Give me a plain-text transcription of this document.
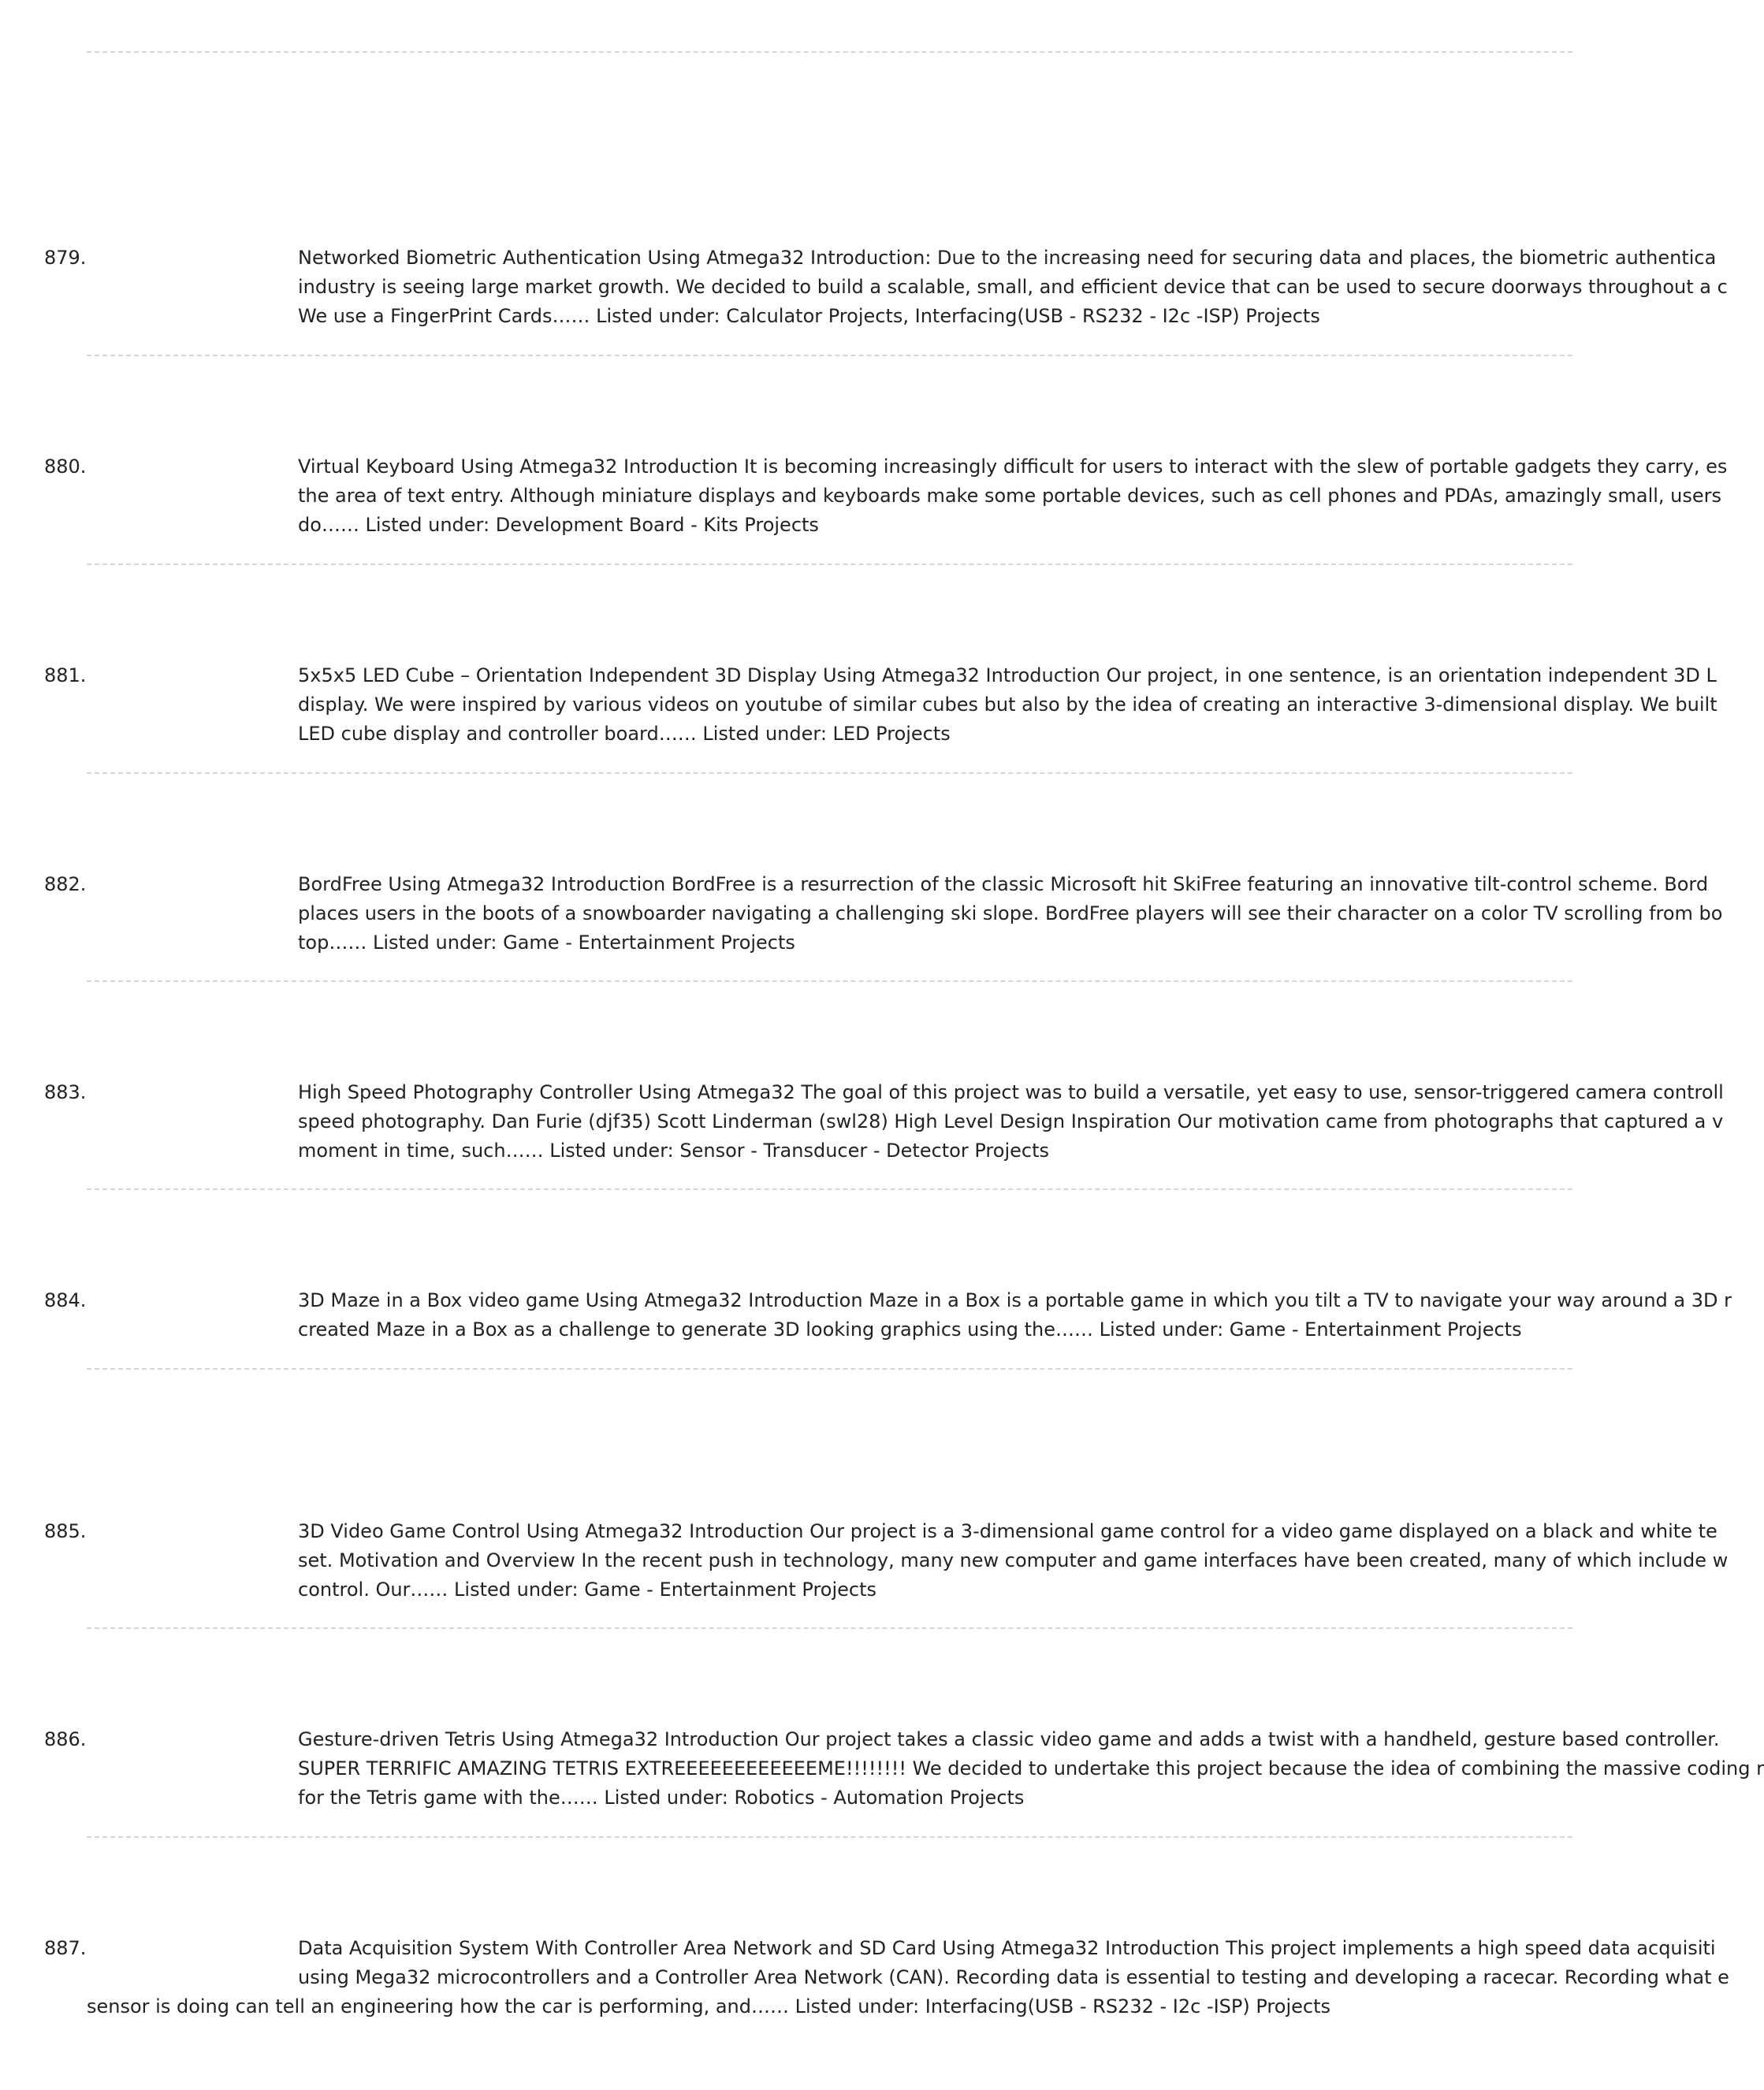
879.	Networked Biometric Authentication Using Atmega32 Introduction: Due to the increasing need for securing data and places, the biometric authentica
industry is seeing large market growth. We decided to build a scalable, small, and efficient device that can be used to secure doorways throughout a c
We use a FingerPrint Cards…… Listed under: Calculator Projects, Interfacing(USB - RS232 - I2c -ISP) Projects
880.	Virtual Keyboard Using Atmega32 Introduction It is becoming increasingly difficult for users to interact with the slew of portable gadgets they carry, es
the area of text entry. Although miniature displays and keyboards make some portable devices, such as cell phones and PDAs, amazingly small, users
do…… Listed under: Development Board - Kits Projects
881.	5x5x5 LED Cube – Orientation Independent 3D Display Using Atmega32 Introduction Our project, in one sentence, is an orientation independent 3D L
display. We were inspired by various videos on youtube of similar cubes but also by the idea of creating an interactive 3-dimensional display. We built
LED cube display and controller board…… Listed under: LED Projects
882.	BordFree Using Atmega32 Introduction BordFree is a resurrection of the classic Microsoft hit SkiFree featuring an innovative tilt-control scheme. Bord
places users in the boots of a snowboarder navigating a challenging ski slope. BordFree players will see their character on a color TV scrolling from bo
top…… Listed under: Game - Entertainment Projects
883.	High Speed Photography Controller Using Atmega32 The goal of this project was to build a versatile, yet easy to use, sensor-triggered camera controll
speed photography. Dan Furie (djf35) Scott Linderman (swl28) High Level Design Inspiration Our motivation came from photographs that captured a v
moment in time, such…… Listed under: Sensor - Transducer - Detector Projects
884.	3D Maze in a Box video game Using Atmega32 Introduction Maze in a Box is a portable game in which you tilt a TV to navigate your way around a 3D r
created Maze in a Box as a challenge to generate 3D looking graphics using the…… Listed under: Game - Entertainment Projects
885.	3D Video Game Control Using Atmega32 Introduction Our project is a 3-dimensional game control for a video game displayed on a black and white te
set. Motivation and Overview In the recent push in technology, many new computer and game interfaces have been created, many of which include w
control. Our…… Listed under: Game - Entertainment Projects
886.	Gesture-driven Tetris Using Atmega32 Introduction Our project takes a classic video game and adds a twist with a handheld, gesture based controller.
SUPER TERRIFIC AMAZING TETRIS EXTREEEEEEEEEEEEME!!!!!!!! We decided to undertake this project because the idea of combining the massive coding r
for the Tetris game with the…… Listed under: Robotics - Automation Projects
887.	Data Acquisition System With Controller Area Network and SD Card Using Atmega32 Introduction This project implements a high speed data acquisiti
using Mega32 microcontrollers and a Controller Area Network (CAN). Recording data is essential to testing and developing a racecar. Recording what e
sensor is doing can tell an engineering how the car is performing, and…… Listed under: Interfacing(USB - RS232 - I2c -ISP) Projects
